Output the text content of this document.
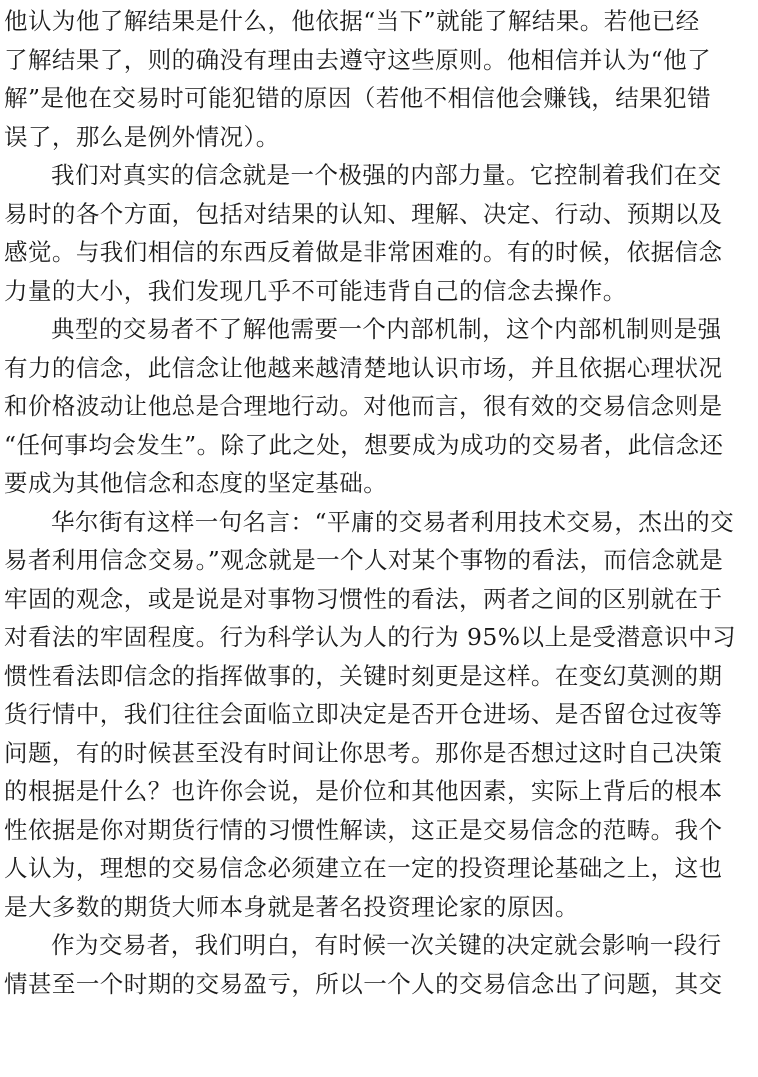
他认为他了解结果是什么，他依据“当下”就能了解结果。若他已经
了解结果了，则的确没有理由去遵守这些原则。他相信并认为“他了
解”是他在交易时可能犯错的原因（若他不相信他会赚钱，结果犯错
误了，那么是例外情况）。
我们对真实的信念就是一个极强的内部力量。它控制着我们在交
易时的各个方面，包括对结果的认知、理解、决定、行动、预期以及
感觉。与我们相信的东西反着做是非常困难的。有的时候，依据信念
力量的大小，我们发现几乎不可能违背自己的信念去操作。
典型的交易者不了解他需要一个内部机制，这个内部机制则是强
有力的信念，此信念让他越来越清楚地认识市场，并且依据心理状况
和价格波动让他总是合理地行动。对他而言，很有效的交易信念则是
“任何事均会发生”。除了此之处，想要成为成功的交易者，此信念还
要成为其他信念和态度的坚定基础。
华尔街有这样一句名言：“平庸的交易者利用技术交易，杰出的交
易者利用信念交易。”观念就是一个人对某个事物的看法，而信念就是
牢固的观念，或是说是对事物习惯性的看法，两者之间的区别就在于
对看法的牢固程度。行为科学认为人的行为 95%以上是受潜意识中习
惯性看法即信念的指挥做事的，关键时刻更是这样。在变幻莫测的期
货行情中，我们往往会面临立即决定是否开仓进场、是否留仓过夜等
问题，有的时候甚至没有时间让你思考。那你是否想过这时自己决策
的根据是什么？也许你会说，是价位和其他因素，实际上背后的根本
性依据是你对期货行情的习惯性解读，这正是交易信念的范畴。我个
人认为，理想的交易信念必须建立在一定的投资理论基础之上，这也
是大多数的期货大师本身就是著名投资理论家的原因。
作为交易者，我们明白，有时候一次关键的决定就会影响一段行
情甚至一个时期的交易盈亏，所以一个人的交易信念出了问题，其交
